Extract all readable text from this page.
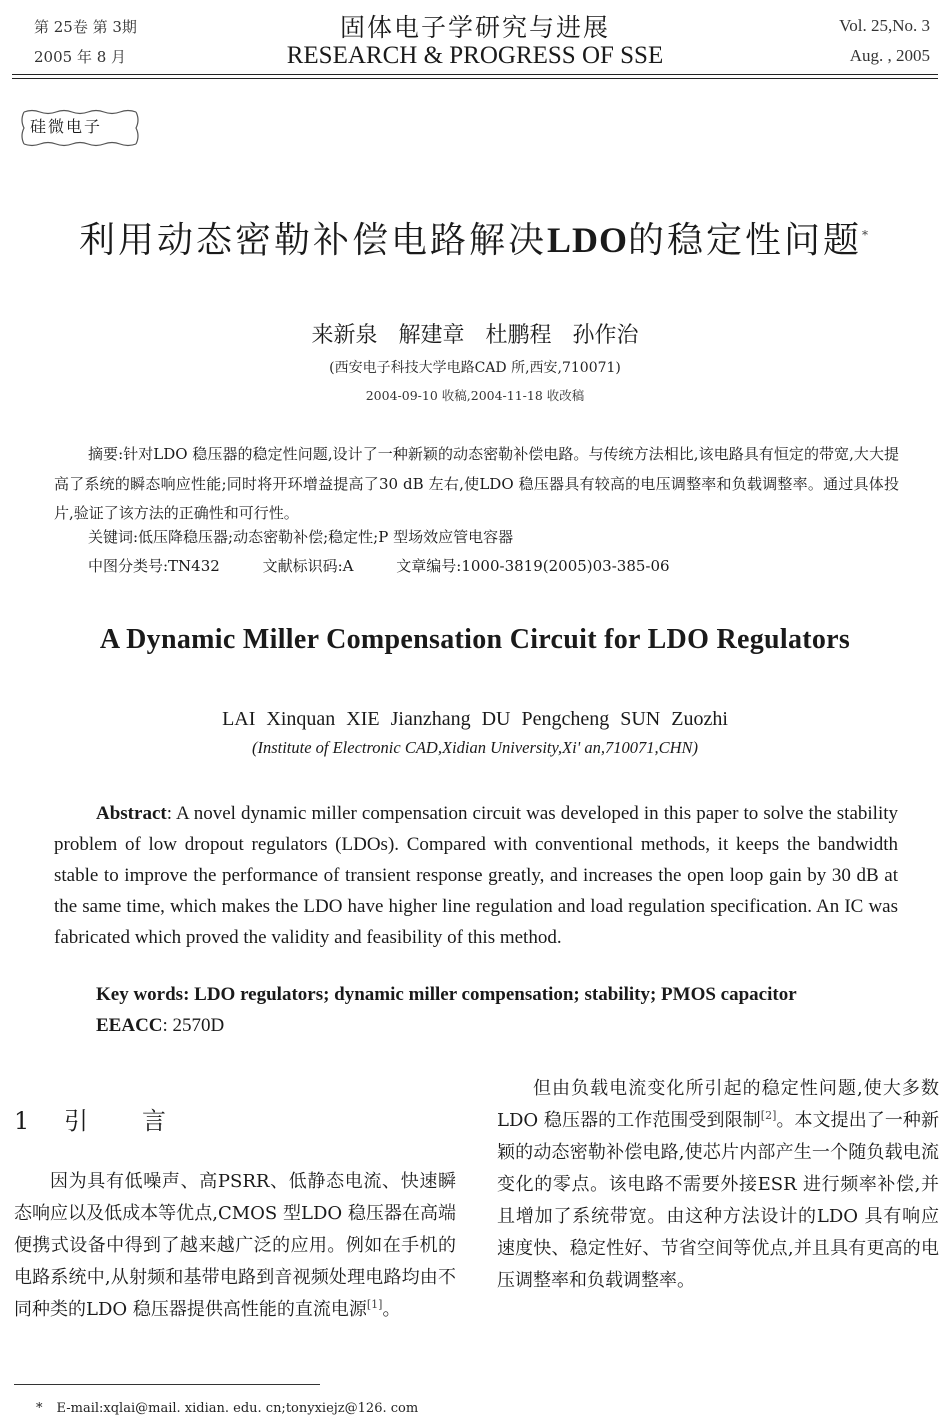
第 25卷 第 3期
2005 年 8 月
固体电子学研究与进展
RESEARCH & PROGRESS OF SSE
Vol. 25,No. 3
Aug. , 2005
硅微电子
利用动态密勒补偿电路解决LDO的稳定性问题*
来新泉 解建章 杜鹏程 孙作治
(西安电子科技大学电路CAD 所,西安,710071)
2004-09-10 收稿,2004-11-18 收改稿
摘要:针对LDO 稳压器的稳定性问题,设计了一种新颖的动态密勒补偿电路。与传统方法相比,该电路具有恒定的带宽,大大提高了系统的瞬态响应性能;同时将开环增益提高了30 dB 左右,使LDO 稳压器具有较高的电压调整率和负载调整率。通过具体投片,验证了该方法的正确性和可行性。
关键词:低压降稳压器;动态密勒补偿;稳定性;P 型场效应管电容器
中图分类号:TN432	文献标识码:A	文章编号:1000-3819(2005)03-385-06
A Dynamic Miller Compensation Circuit for LDO Regulators
LAI Xinquan XIE Jianzhang DU Pengcheng SUN Zuozhi
(Institute of Electronic CAD,Xidian University,Xi' an,710071,CHN)
Abstract: A novel dynamic miller compensation circuit was developed in this paper to solve the stability problem of low dropout regulators (LDOs). Compared with conventional methods, it keeps the bandwidth stable to improve the performance of transient response greatly, and increases the open loop gain by 30 dB at the same time, which makes the LDO have higher line regulation and load regulation specification. An IC was fabricated which proved the validity and feasibility of this method.
Key words: LDO regulators; dynamic miller compensation; stability; PMOS capacitor
EEACC: 2570D
1 引 言
因为具有低噪声、高PSRR、低静态电流、快速瞬态响应以及低成本等优点,CMOS 型LDO 稳压器在高端便携式设备中得到了越来越广泛的应用。例如在手机的电路系统中,从射频和基带电路到音视频处理电路均由不同种类的LDO 稳压器提供高性能的直流电源[1]。
但由负载电流变化所引起的稳定性问题,使大多数LDO 稳压器的工作范围受到限制[2]。本文提出了一种新颖的动态密勒补偿电路,使芯片内部产生一个随负载电流变化的零点。该电路不需要外接ESR 进行频率补偿,并且增加了系统带宽。由这种方法设计的LDO 具有响应速度快、稳定性好、节省空间等优点,并且具有更高的电压调整率和负载调整率。
* E-mail:xqlai@mail. xidian. edu. cn;tonyxiejz@126. com
